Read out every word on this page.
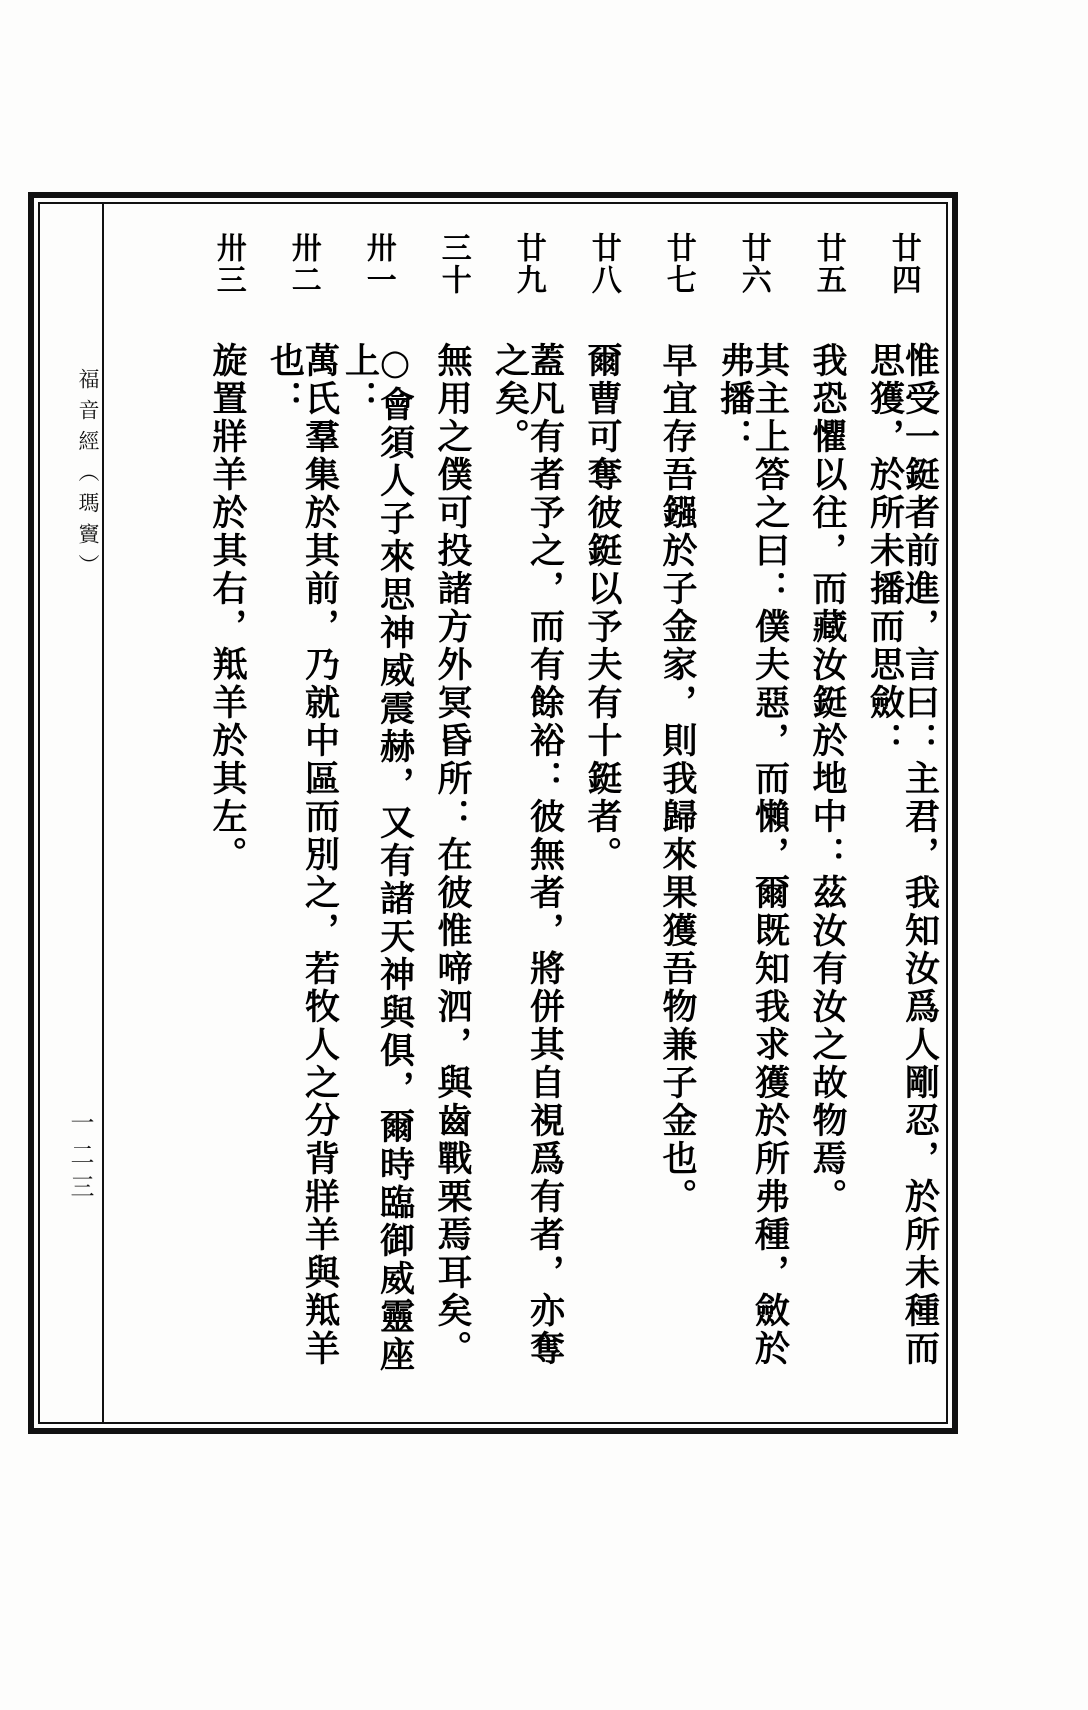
福音經（瑪竇）
一二三
廿四
惟受一鋌者前進，言曰：主君，我知汝爲人剛忍，於所未種而思獲，於所未播而思斂：
廿五
我恐懼以往，而藏汝鋌於地中：茲汝有汝之故物焉。
廿六
其主上答之曰：僕夫惡，而懶，爾既知我求獲於所弗種，斂於弗播：
廿七
早宜存吾鏹於子金家，則我歸來果獲吾物兼子金也。
廿八
爾曹可奪彼鋌以予夫有十鋌者。
廿九
蓋凡有者予之，而有餘裕：彼無者，將併其自視爲有者，亦奪之矣。
三十
無用之僕可投諸方外冥昏所：在彼惟啼泗，與齒戰栗焉耳矣。
卅一
○會須人子來思神威震赫，又有諸天神與俱，爾時臨御威靈座上：
卅二
萬氏羣集於其前，乃就中區而別之，若牧人之分背牂羊與羝羊也：
卅三
旋置牂羊於其右，羝羊於其左。
